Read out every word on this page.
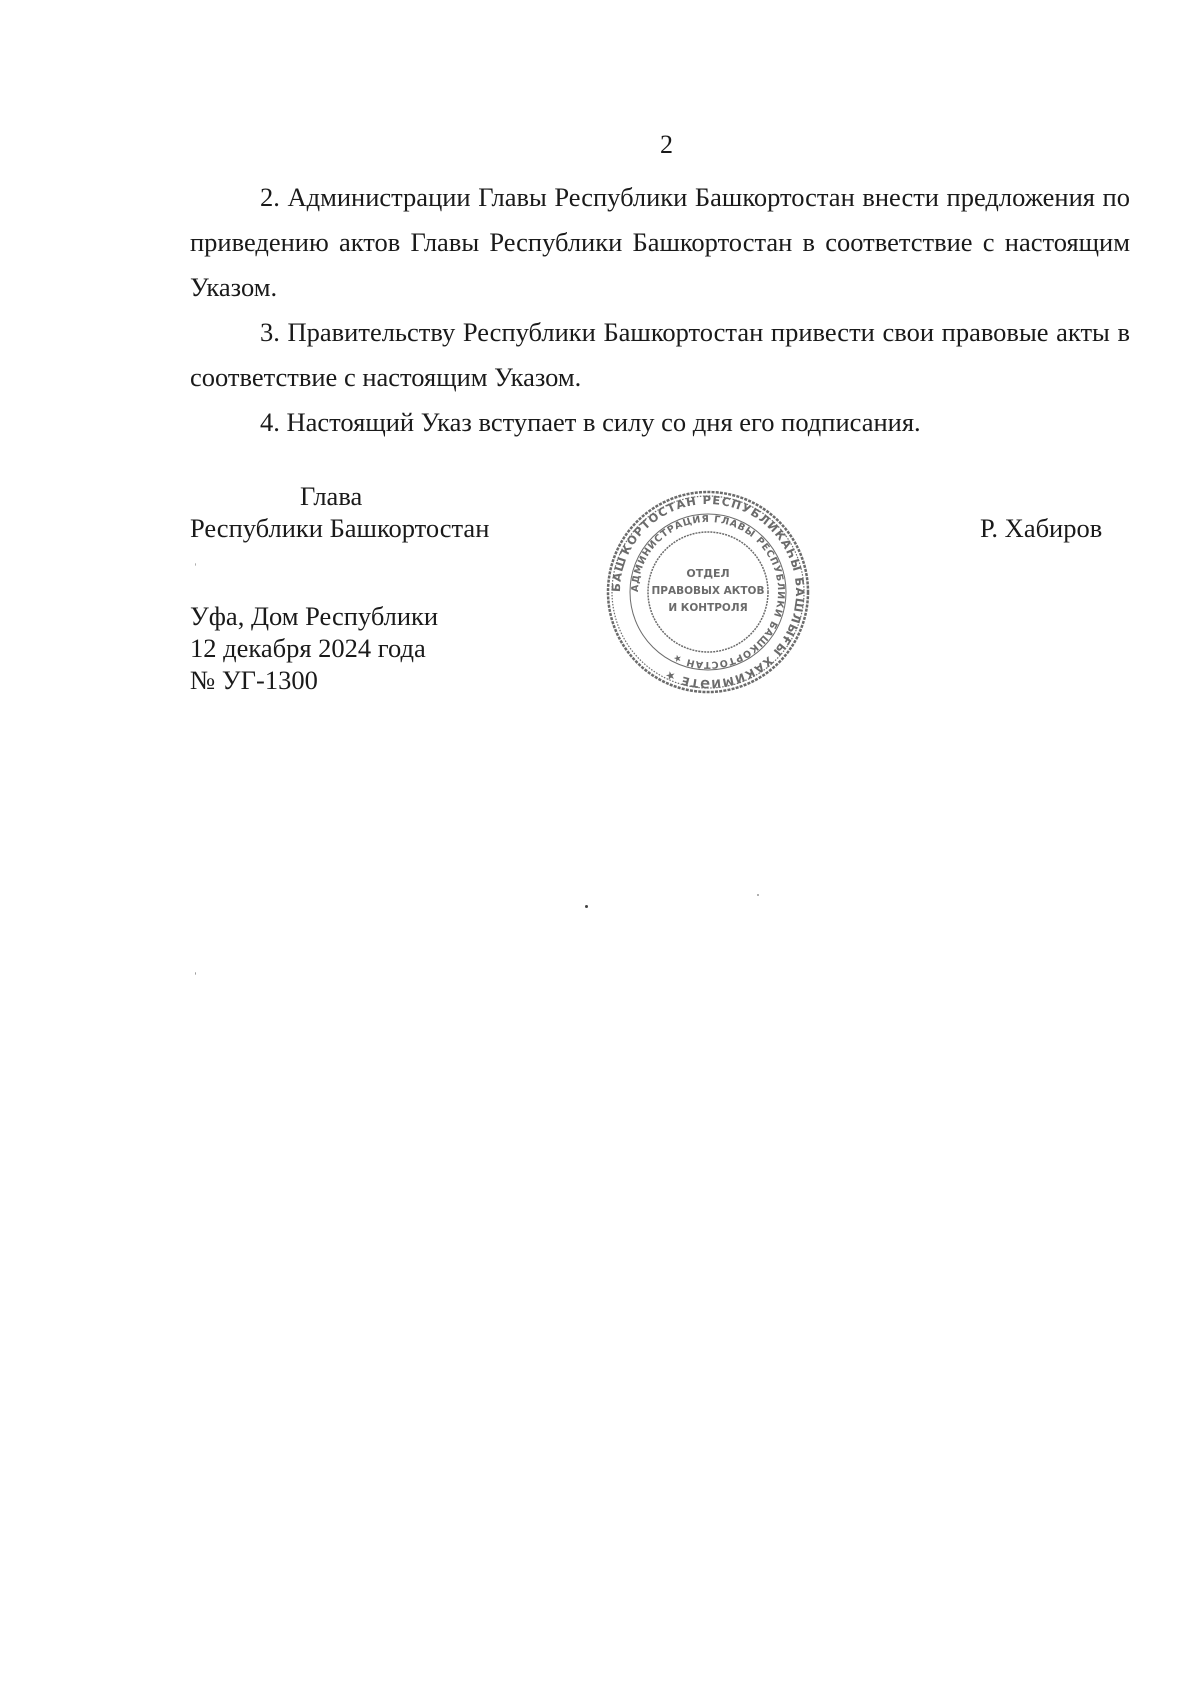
2

2. Администрации Главы Республики Башкортостан внести предложения по приведению актов Главы Республики Башкортостан в соответствие с настоящим Указом.

3. Правительству Республики Башкортостан привести свои правовые акты в соответствие с настоящим Указом.

4. Настоящий Указ вступает в силу со дня его подписания.

Глава
Республики Башкортостан	Р. Хабиров
БАШҠОРТОСТАН РЕСПУБЛИКАҺЫ БАШЛЫҒЫ ХАКИМИӘТЕ ★
АДМИНИСТРАЦИЯ ГЛАВЫ РЕСПУБЛИКИ БАШКОРТОСТАН ★
ОТДЕЛ
ПРАВОВЫХ АКТОВ
И КОНТРОЛЯ
Уфа, Дом Республики
12 декабря 2024 года
№ УГ-1300
